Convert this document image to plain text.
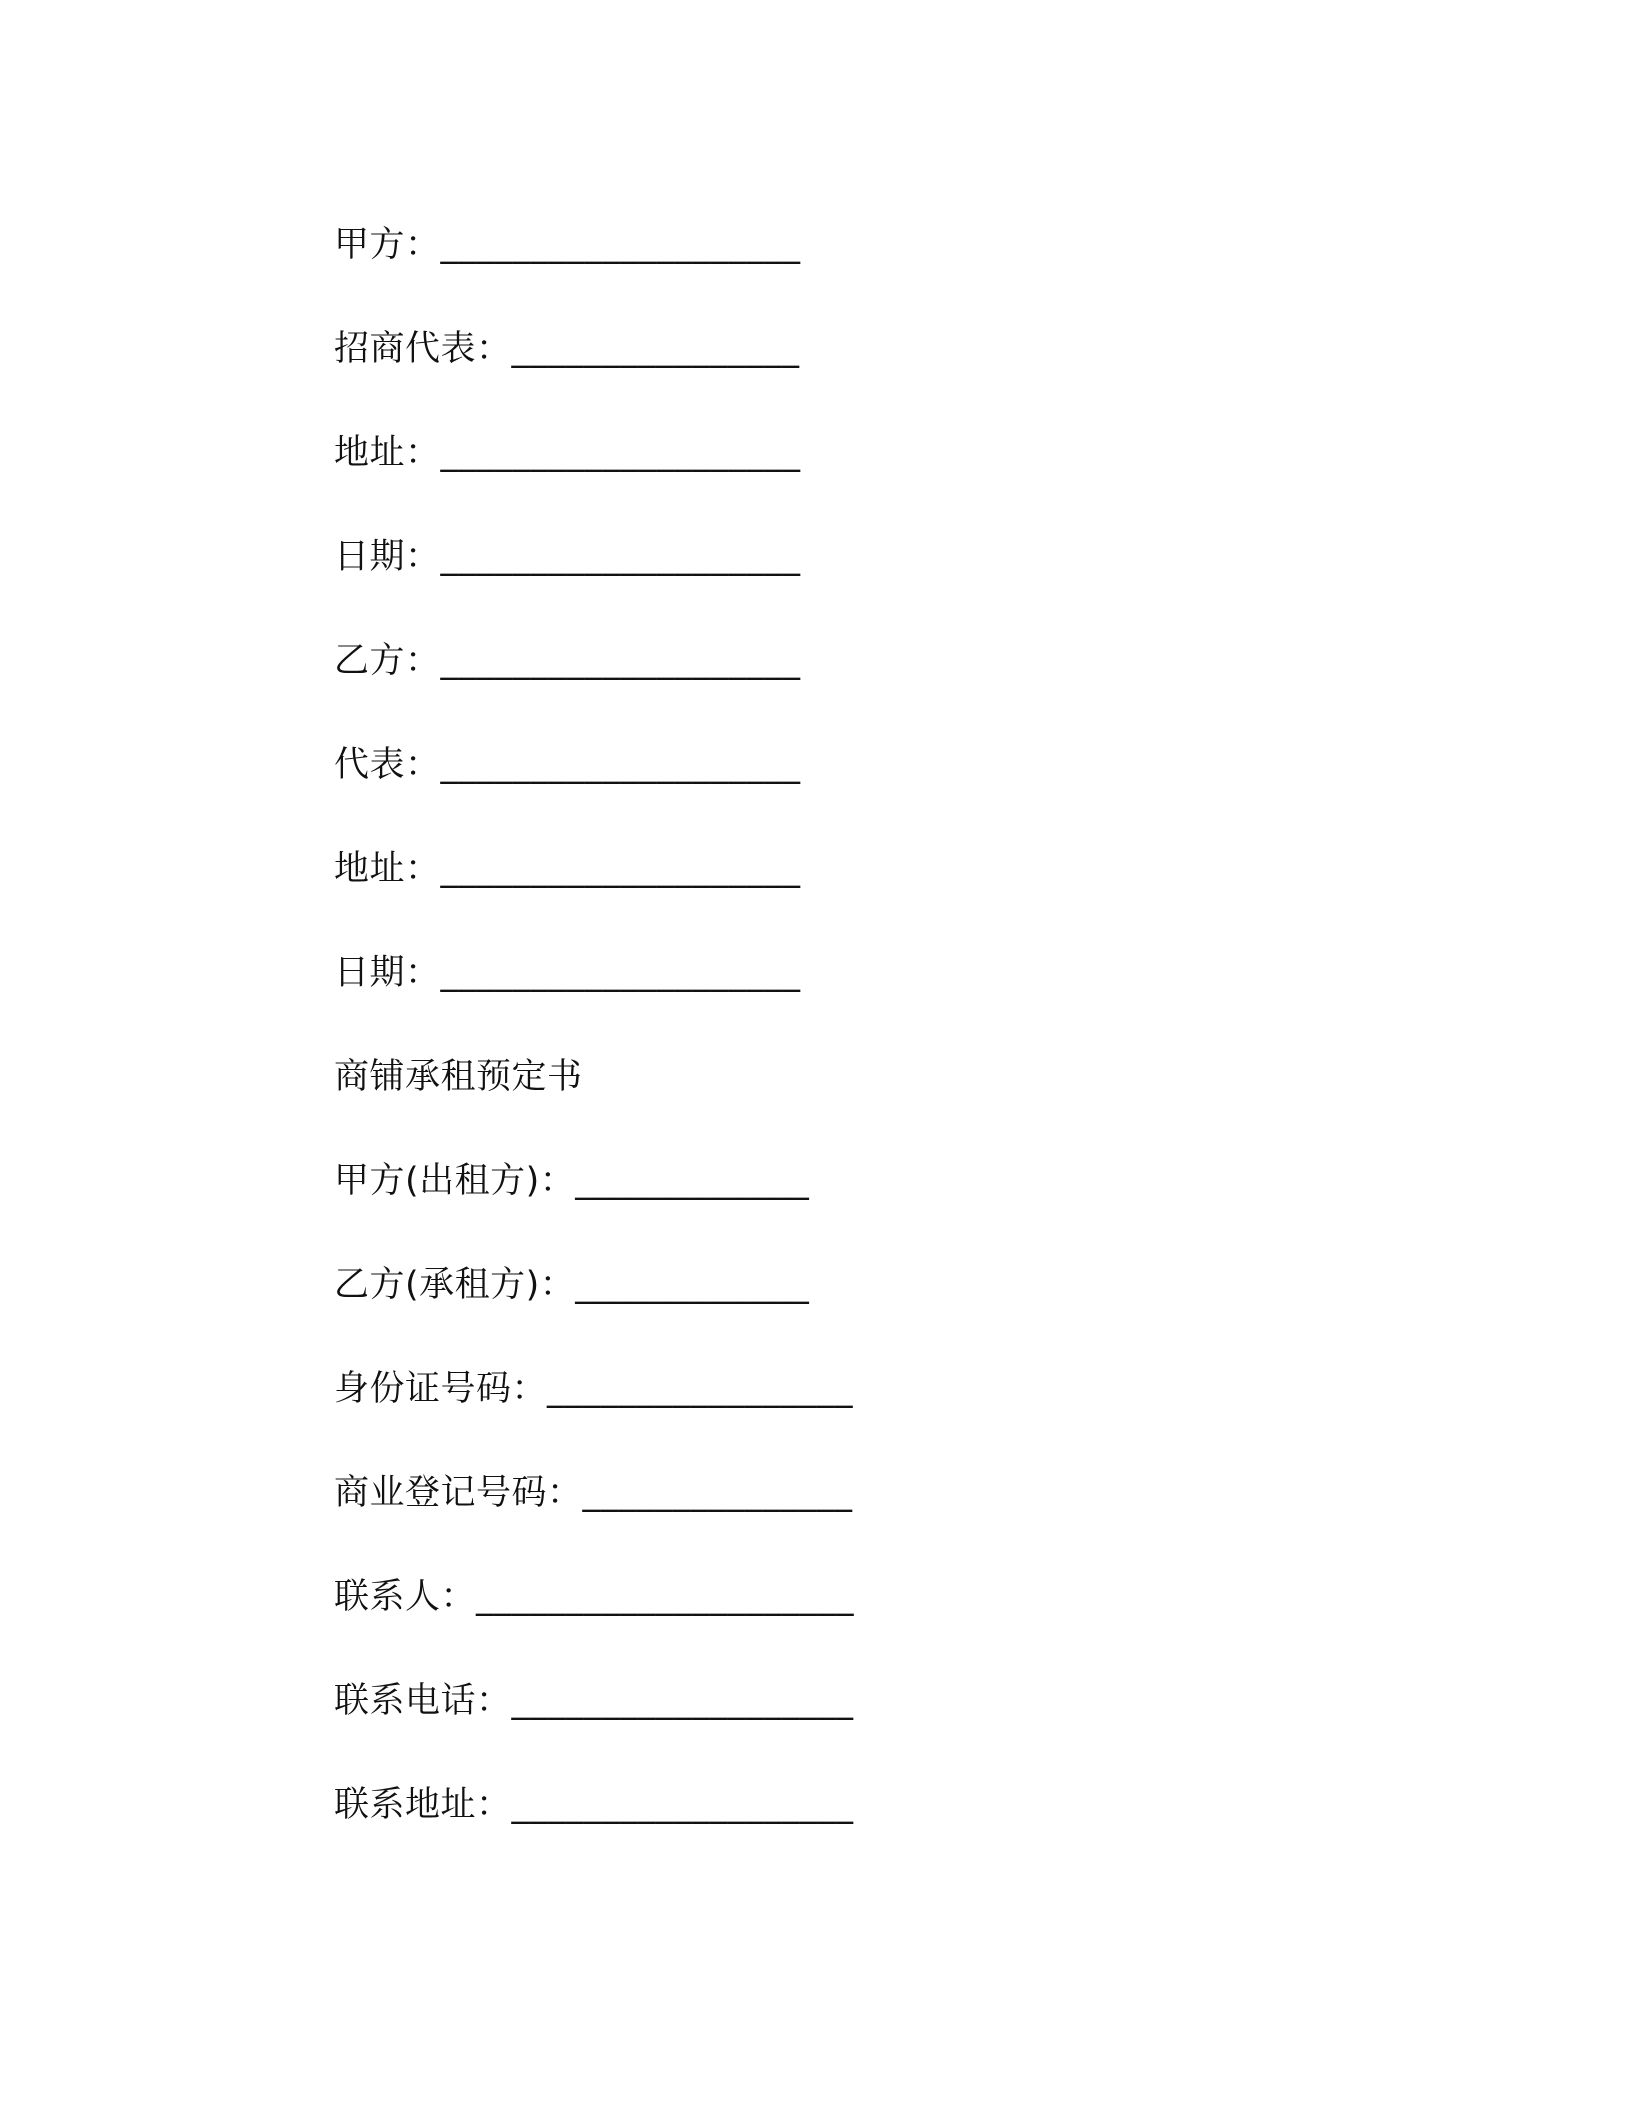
甲方：____________________
招商代表：________________
地址：____________________
日期：____________________
乙方：____________________
代表：____________________
地址：____________________
日期：____________________
商铺承租预定书
甲方(出租方)：_____________
乙方(承租方)：_____________
身份证号码：_________________
商业登记号码：_______________
联系人：_____________________
联系电话：___________________
联系地址：___________________
